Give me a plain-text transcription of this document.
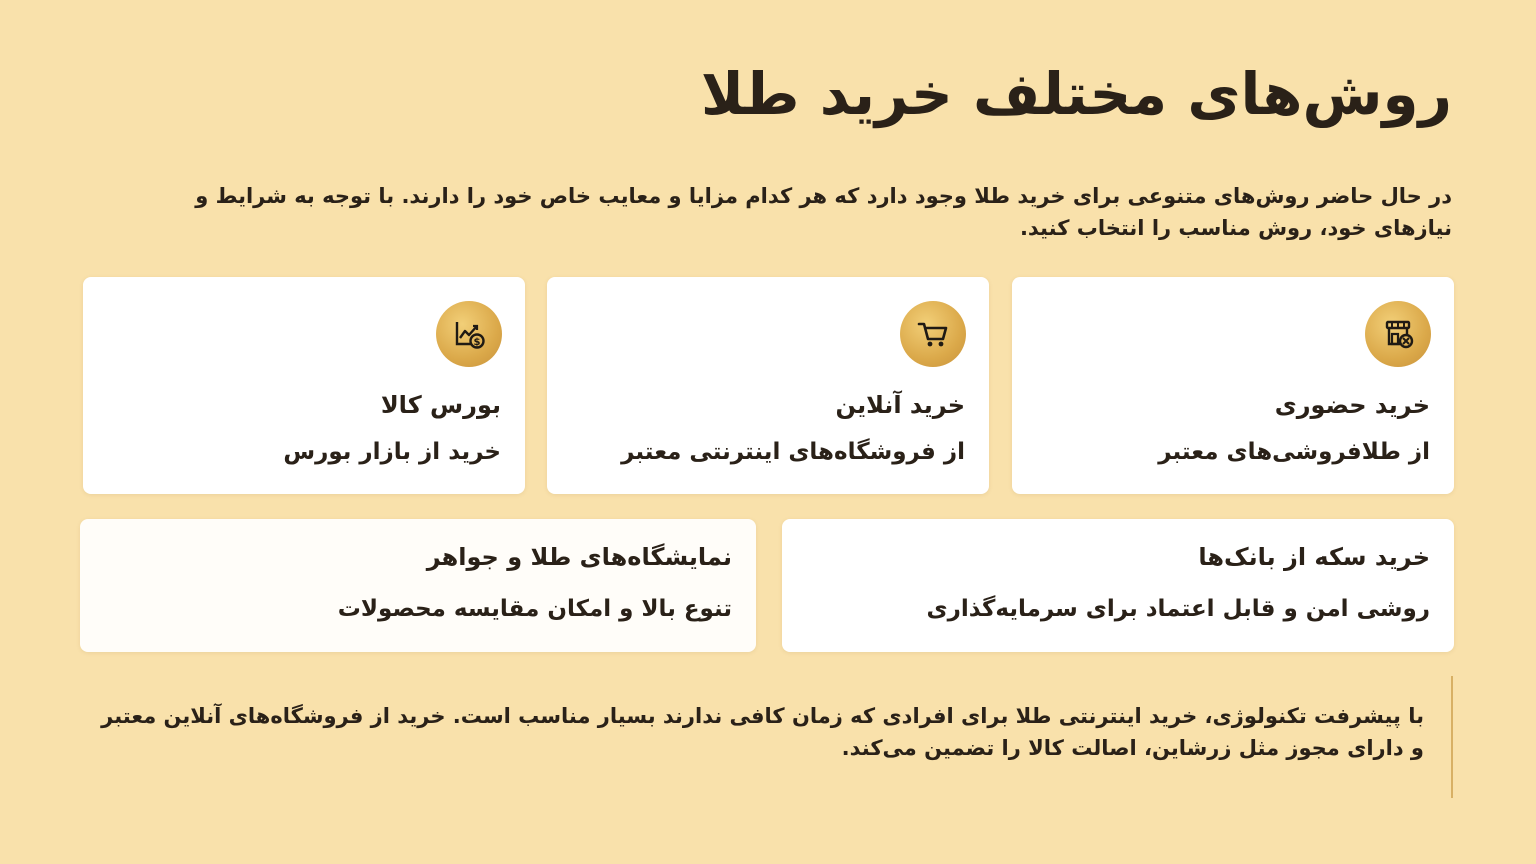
روش‌های مختلف خرید طلا

در حال حاضر روش‌های متنوعی برای خرید طلا وجود دارد که هر کدام مزایا و معایب خاص خود را دارند. با توجه به شرایط و نیازهای خود، روش مناسب را انتخاب کنید.

خرید حضوری

از طلافروشی‌های معتبر

خرید آنلاین

از فروشگاه‌های اینترنتی معتبر

$

بورس کالا

خرید از بازار بورس

خرید سکه از بانک‌ها

روشی امن و قابل اعتماد برای سرمایه‌گذاری

نمایشگاه‌های طلا و جواهر

تنوع بالا و امکان مقایسه محصولات

با پیشرفت تکنولوژی، خرید اینترنتی طلا برای افرادی که زمان کافی ندارند بسیار مناسب است. خرید از فروشگاه‌های آنلاین معتبر و دارای مجوز مثل زرشاین، اصالت کالا را تضمین می‌کند.
